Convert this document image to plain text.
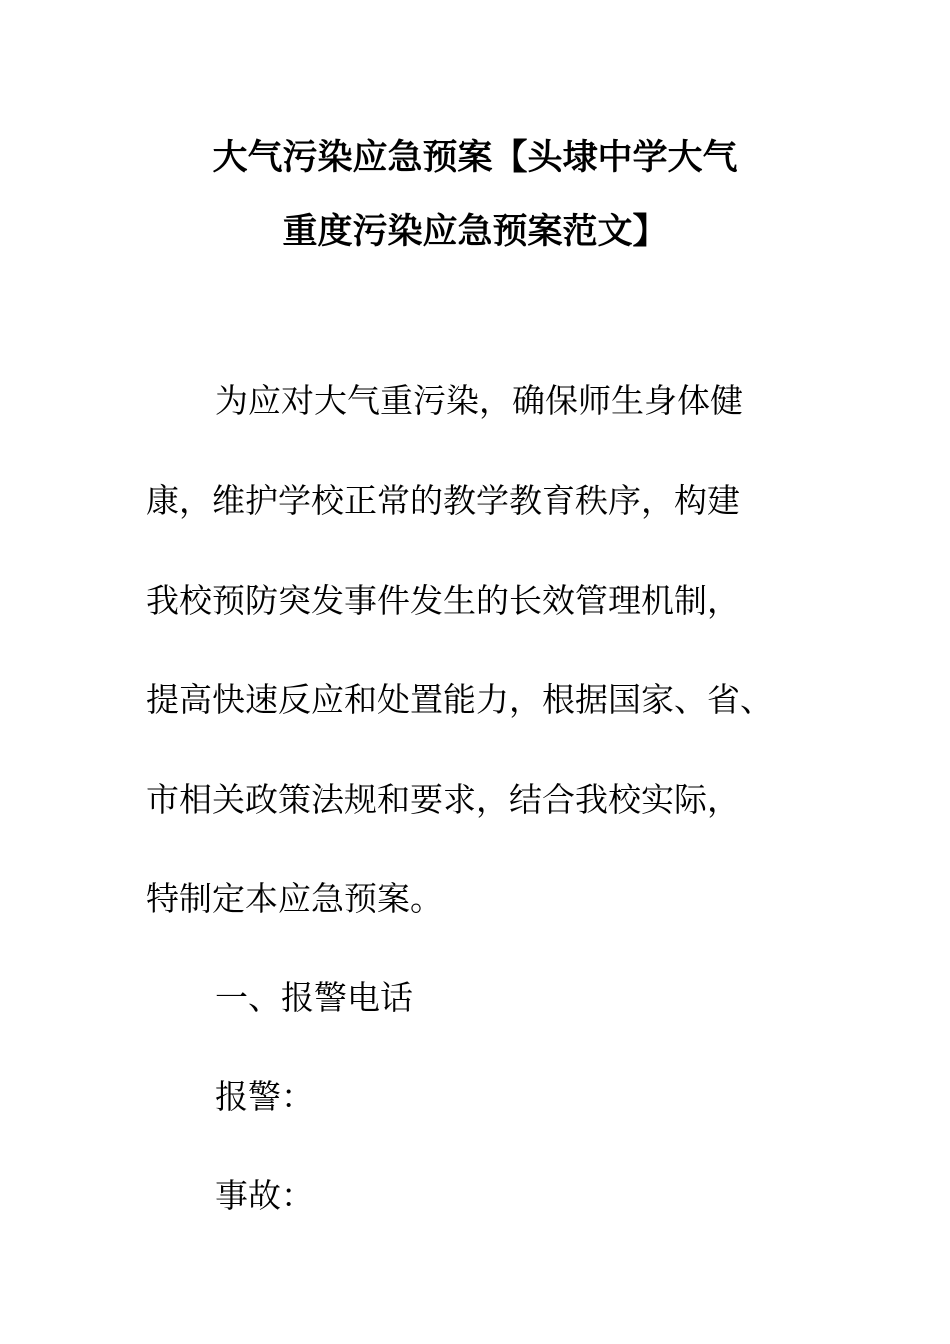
大气污染应急预案【头埭中学大气
重度污染应急预案范文】
为应对大气重污染，确保师生身体健
康，维护学校正常的教学教育秩序，构建
我校预防突发事件发生的长效管理机制，
提高快速反应和处置能力，根据国家、省、
市相关政策法规和要求，结合我校实际，
特制定本应急预案。
一、报警电话
报警：
事故：
